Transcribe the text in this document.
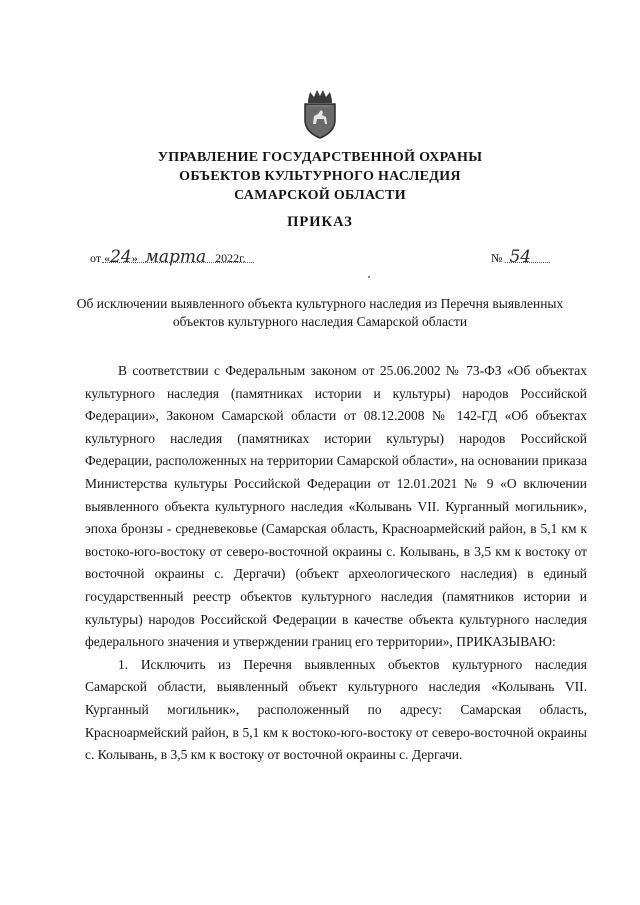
УПРАВЛЕНИЕ ГОСУДАРСТВЕННОЙ ОХРАНЫ
ОБЪЕКТОВ КУЛЬТУРНОГО НАСЛЕДИЯ
САМАРСКОЙ ОБЛАСТИ
ПРИКАЗ
от «24» марта 2022г.	№ 54
Об исключении выявленного объекта культурного наследия из Перечня выявленных
объектов культурного наследия Самарской области

В соответствии с Федеральным законом от 25.06.2002 № 73-ФЗ «Об объектах культурного наследия (памятниках истории и культуры) народов Российской Федерации», Законом Самарской области от 08.12.2008 № 142-ГД «Об объектах культурного наследия (памятниках истории культуры) народов Российской Федерации, расположенных на территории Самарской области», на основании приказа Министерства культуры Российской Федерации от 12.01.2021 № 9 «О включении выявленного объекта культурного наследия «Колывань VII. Курганный могильник», эпоха бронзы - средневековье (Самарская область, Красноармейский район, в 5,1 км к востоко-юго-востоку от северо-восточной окраины с. Колывань, в 3,5 км к востоку от восточной окраины с. Дергачи) (объект археологического наследия) в единый государственный реестр объектов культурного наследия (памятников истории и культуры) народов Российской Федерации в качестве объекта культурного наследия федерального значения и утверждении границ его территории», ПРИКАЗЫВАЮ:

1. Исключить из Перечня выявленных объектов культурного наследия Самарской области, выявленный объект культурного наследия «Колывань VII. Курганный могильник», расположенный по адресу: Самарская область, Красноармейский район, в 5,1 км к востоко-юго-востоку от северо-восточной окраины с. Колывань, в 3,5 км к востоку от восточной окраины с. Дергачи.
